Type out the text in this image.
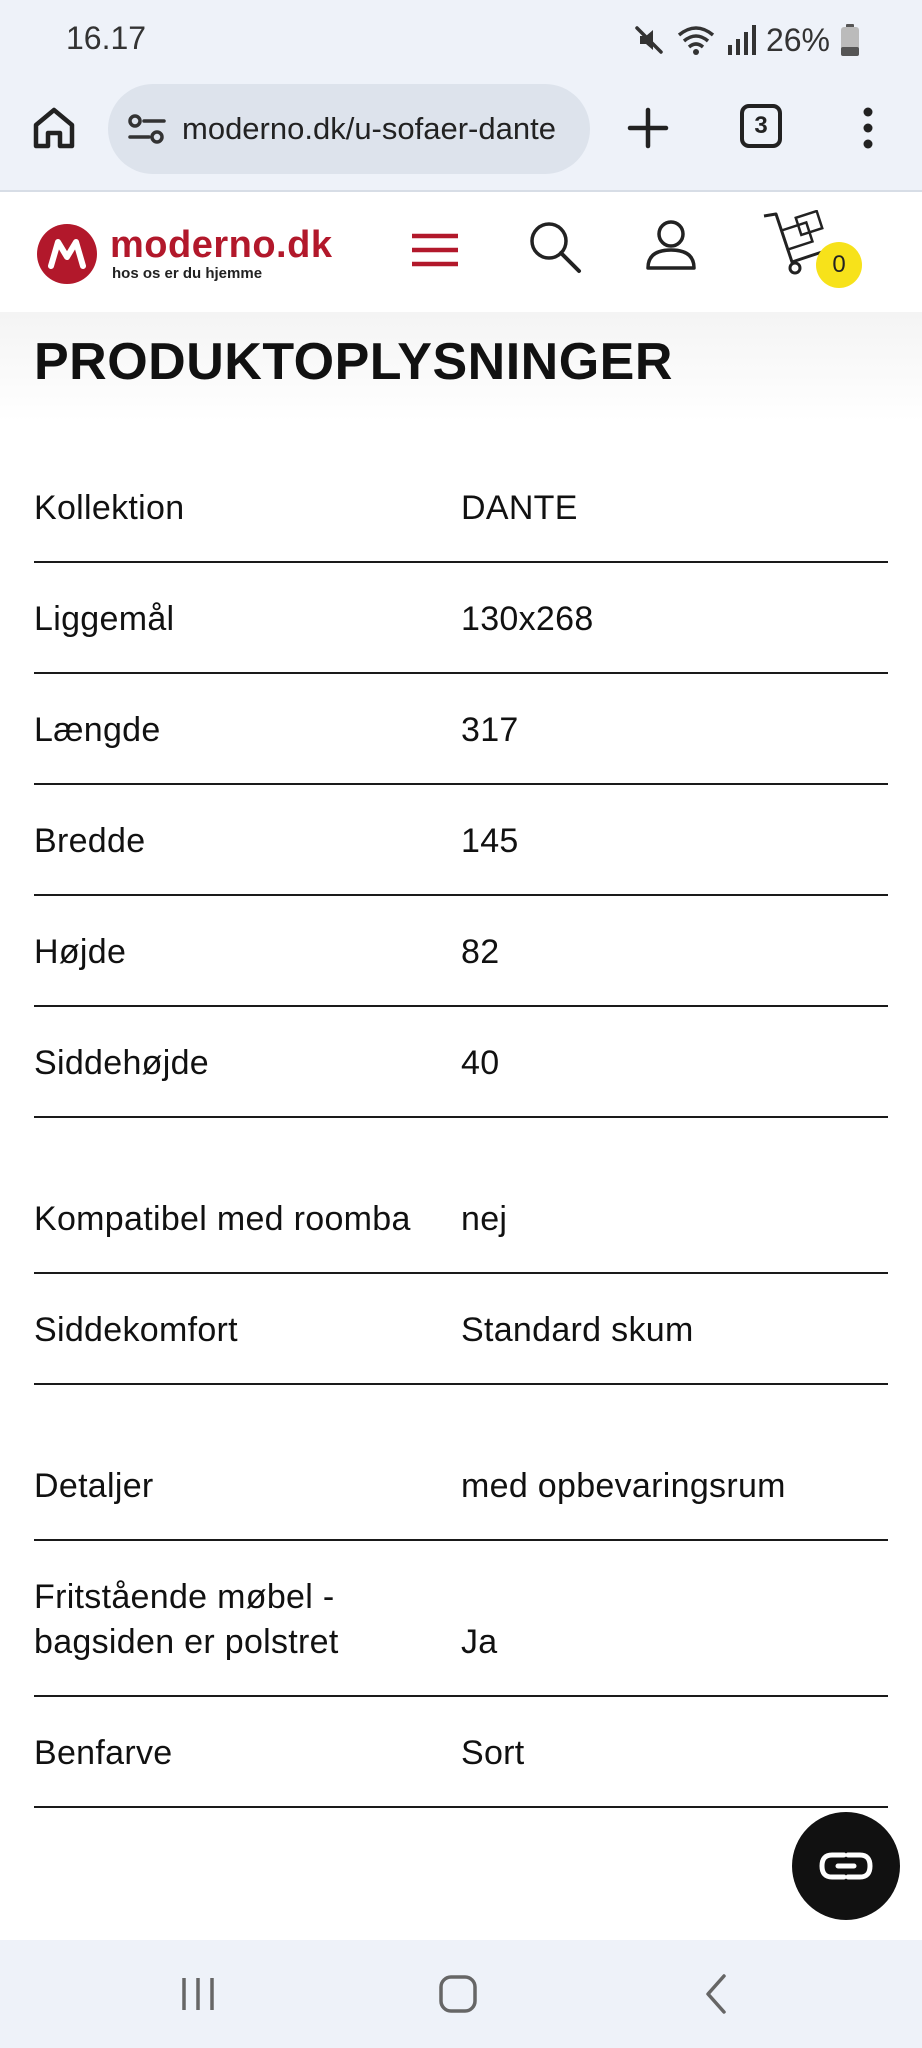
16.17	26%
moderno.dk/u-sofaer-dante	3
moderno.dk
hos os er du hjemme	0
PRODUKTOPLYSNINGER
Kollektion	DANTE
Liggemål	130x268
Længde	317
Bredde	145
Højde	82
Siddehøjde	40
Kompatibel med roomba	nej
Siddekomfort	Standard skum
Detaljer	med opbevaringsrum
Fritstående møbel - bagsiden er polstret	Ja
Benfarve	Sort
